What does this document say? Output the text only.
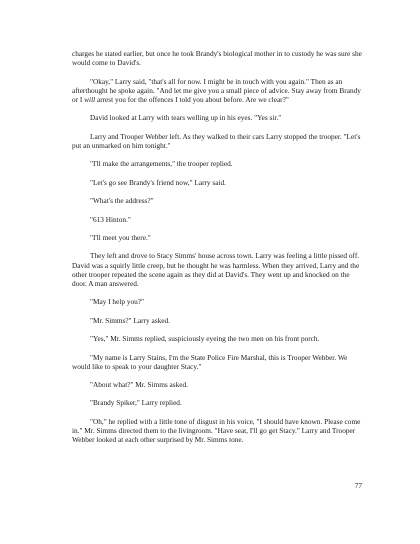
charges he stated earlier, but once he took Brandy's biological mother in to custody he was sure she would come to David's.

"Okay," Larry said, "that's all for now. I might be in touch with you again." Then as an afterthought he spoke again. "And let me give you a small piece of advice. Stay away from Brandy or I will arrest you for the offences I told you about before. Are we clear?"

David looked at Larry with tears welling up in his eyes. "Yes sir."

Larry and Trooper Webber left. As they walked to their cars Larry stopped the trooper. "Let's put an unmarked on him tonight."

"I'll make the arrangements," the trooper replied.

"Let's go see Brandy's friend now," Larry said.

"What's the address?"

"613 Hinton."

"I'll meet you there."

They left and drove to Stacy Simms' house across town. Larry was feeling a little pissed off. David was a squirly little creep, but he thought he was harmless. When they arrived, Larry and the other trooper repeated the scene again as they did at David's. They went up and knocked on the door. A man answered.

"May I help you?"

"Mr. Simms?" Larry asked.

"Yes," Mr. Simms replied, suspiciously eyeing the two men on his front porch.

"My name is Larry Stains, I'm the State Police Fire Marshal, this is Trooper Webber. We would like to speak to your daughter Stacy."

"About what?" Mr. Simms asked.

"Brandy Spiker," Larry replied.

"Oh," he replied with a little tone of disgust in his voice, "I should have known. Please come in." Mr. Simms directed them to the livingroom. "Have seat, I'll go get Stacy." Larry and Trooper Webber looked at each other surprised by Mr. Simms tone.

77
